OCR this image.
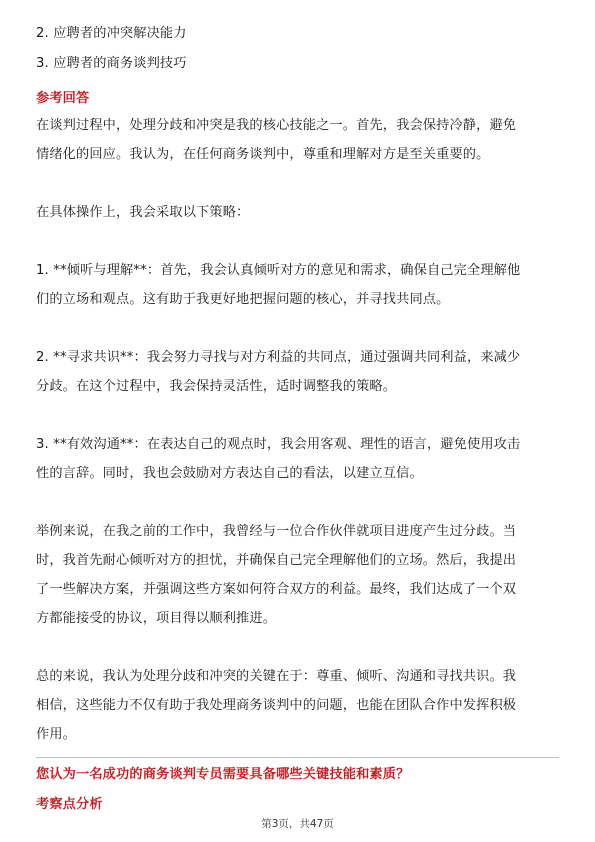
2. 应聘者的冲突解决能力
3. 应聘者的商务谈判技巧
参考回答
在谈判过程中，处理分歧和冲突是我的核心技能之一。首先，我会保持冷静，避免
情绪化的回应。我认为，在任何商务谈判中，尊重和理解对方是至关重要的。
在具体操作上，我会采取以下策略：
1. **倾听与理解**：首先，我会认真倾听对方的意见和需求，确保自己完全理解他
们的立场和观点。这有助于我更好地把握问题的核心，并寻找共同点。
2. **寻求共识**：我会努力寻找与对方利益的共同点，通过强调共同利益，来减少
分歧。在这个过程中，我会保持灵活性，适时调整我的策略。
3. **有效沟通**：在表达自己的观点时，我会用客观、理性的语言，避免使用攻击
性的言辞。同时，我也会鼓励对方表达自己的看法，以建立互信。
举例来说，在我之前的工作中，我曾经与一位合作伙伴就项目进度产生过分歧。当
时，我首先耐心倾听对方的担忧，并确保自己完全理解他们的立场。然后，我提出
了一些解决方案，并强调这些方案如何符合双方的利益。最终，我们达成了一个双
方都能接受的协议，项目得以顺利推进。
总的来说，我认为处理分歧和冲突的关键在于：尊重、倾听、沟通和寻找共识。我
相信，这些能力不仅有助于我处理商务谈判中的问题，也能在团队合作中发挥积极
作用。
您认为一名成功的商务谈判专员需要具备哪些关键技能和素质？
考察点分析
第3页，共47页
